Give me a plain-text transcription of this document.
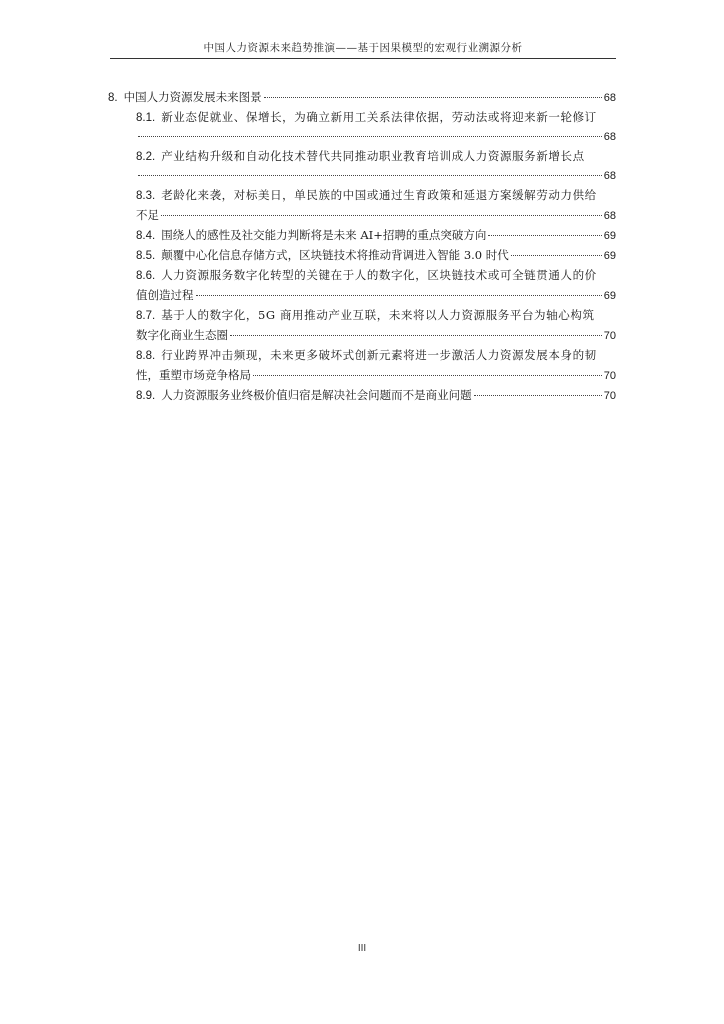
中国人力资源未来趋势推演——基于因果模型的宏观行业溯源分析
8. 中国人力资源发展未来图景	68
8.1. 新业态促就业、保增长，为确立新用工关系法律依据，劳动法或将迎来新一轮修订
68
8.2. 产业结构升级和自动化技术替代共同推动职业教育培训成人力资源服务新增长点
68
8.3. 老龄化来袭，对标美日，单民族的中国或通过生育政策和延退方案缓解劳动力供给
不足	68
8.4. 围绕人的感性及社交能力判断将是未来 AI+招聘的重点突破方向	69
8.5. 颠覆中心化信息存储方式，区块链技术将推动背调进入智能 3.0 时代	69
8.6. 人力资源服务数字化转型的关键在于人的数字化，区块链技术或可全链贯通人的价
值创造过程	69
8.7. 基于人的数字化，5G 商用推动产业互联，未来将以人力资源服务平台为轴心构筑
数字化商业生态圈	70
8.8. 行业跨界冲击频现，未来更多破坏式创新元素将进一步激活人力资源发展本身的韧
性，重塑市场竞争格局	70
8.9. 人力资源服务业终极价值归宿是解决社会问题而不是商业问题	70
III
